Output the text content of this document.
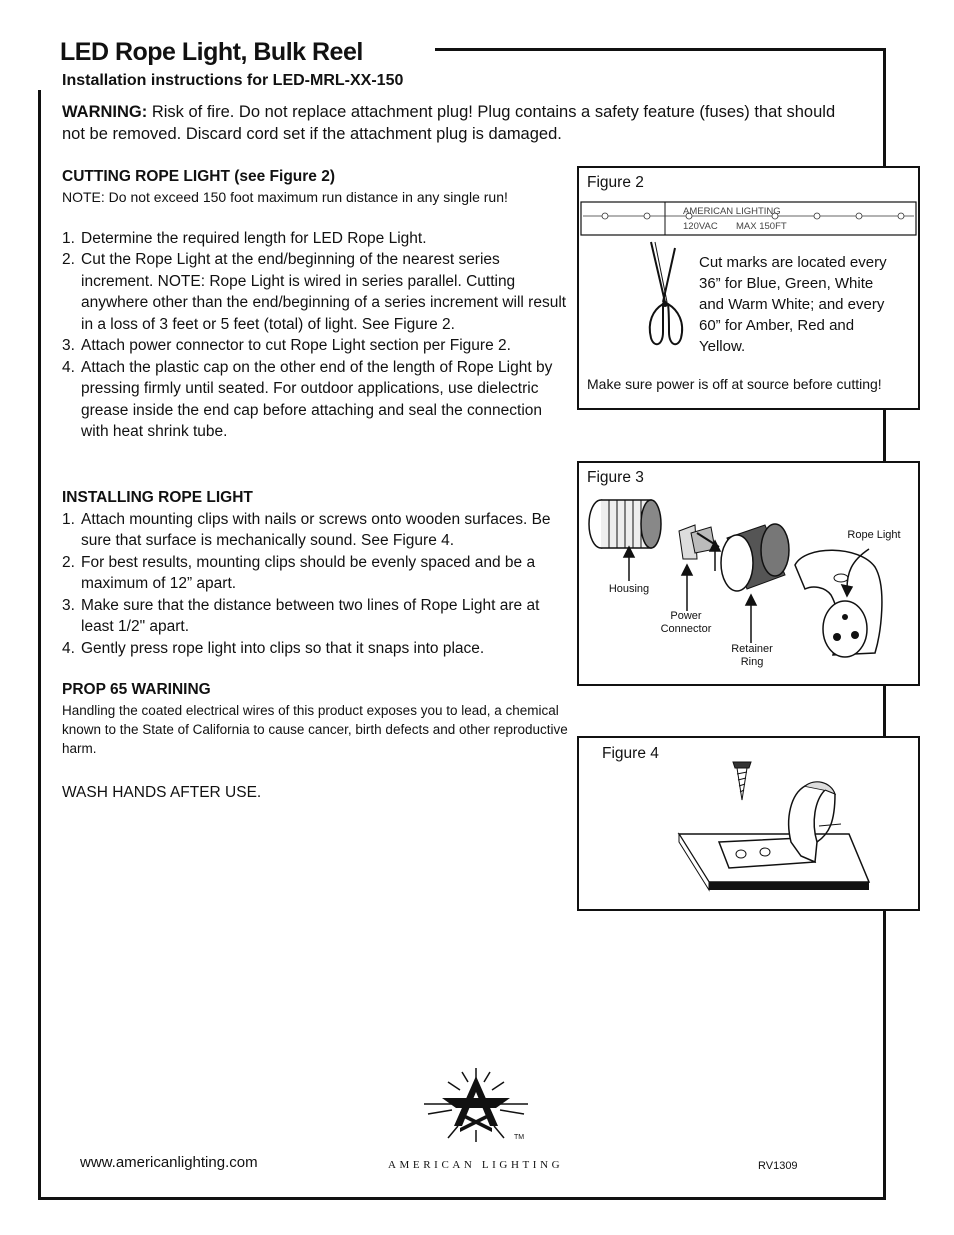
LED Rope Light, Bulk Reel
Installation instructions for LED-MRL-XX-150
WARNING: Risk of fire. Do not replace attachment plug! Plug contains a safety feature (fuses) that should not be removed. Discard cord set if the attachment plug is damaged.
CUTTING ROPE LIGHT (see Figure 2)
NOTE: Do not exceed 150 foot maximum run distance in any single run!
1. Determine the required length for LED Rope Light.
2. Cut the Rope Light at the end/beginning of the nearest series increment. NOTE: Rope Light is wired in series parallel. Cutting anywhere other than the end/beginning of a series increment will result in a loss of 3 feet or 5 feet (total) of light. See Figure 2.
3. Attach power connector to cut Rope Light section per Figure 2.
4. Attach the plastic cap on the other end of the length of Rope Light by pressing firmly until seated. For outdoor applications, use dielectric grease inside the end cap before attaching and seal the connection with heat shrink tube.
INSTALLING ROPE LIGHT
1. Attach mounting clips with nails or screws onto wooden surfaces. Be sure that surface is mechanically sound. See Figure 4.
2. For best results, mounting clips should be evenly spaced and be a maximum of 12” apart.
3. Make sure that the distance between two lines of Rope Light are at least 1/2" apart.
4. Gently press rope light into clips so that it snaps into place.
PROP 65 WARINING
Handling the coated electrical wires of this product exposes you to lead, a chemical known to the State of California to cause cancer, birth defects and other reproductive harm.
WASH HANDS AFTER USE.
Figure 2
AMERICAN LIGHTING
120VAC MAX 150FT
Cut marks are located every 36” for Blue, Green, White and Warm White; and every 60” for Amber, Red and Yellow.
Make sure power is off at source before cutting!
Figure 3
Rope Light
Housing
Power Connector
Retainer Ring
Figure 4
TM
www.americanlighting.com	AMERICAN LIGHTING	RV1309
